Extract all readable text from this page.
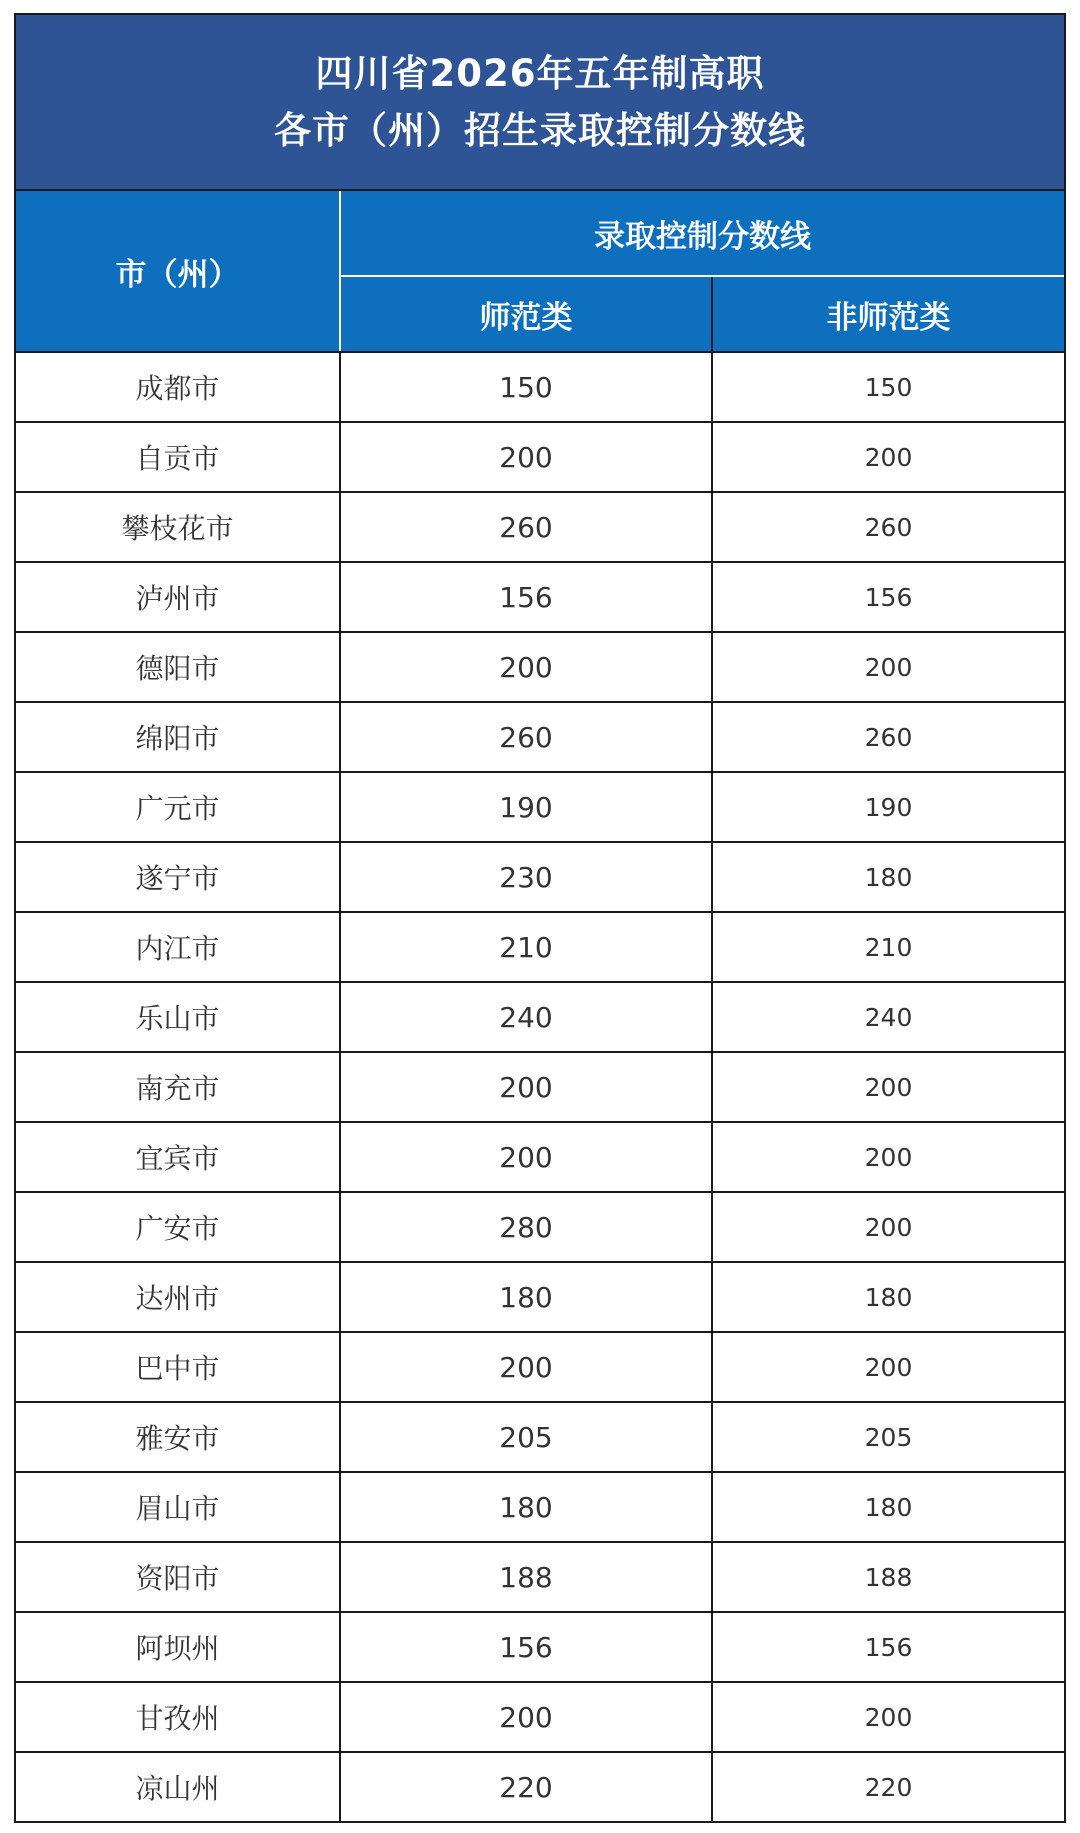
四川省2026年五年制高职
各市（州）招生录取控制分数线
市（州）	录取控制分数线	
	师范类	非师范类
成都市	150	150
自贡市	200	200
攀枝花市	260	260
泸州市	156	156
德阳市	200	200
绵阳市	260	260
广元市	190	190
遂宁市	230	180
内江市	210	210
乐山市	240	240
南充市	200	200
宜宾市	200	200
广安市	280	200
达州市	180	180
巴中市	200	200
雅安市	205	205
眉山市	180	180
资阳市	188	188
阿坝州	156	156
甘孜州	200	200
凉山州	220	220
